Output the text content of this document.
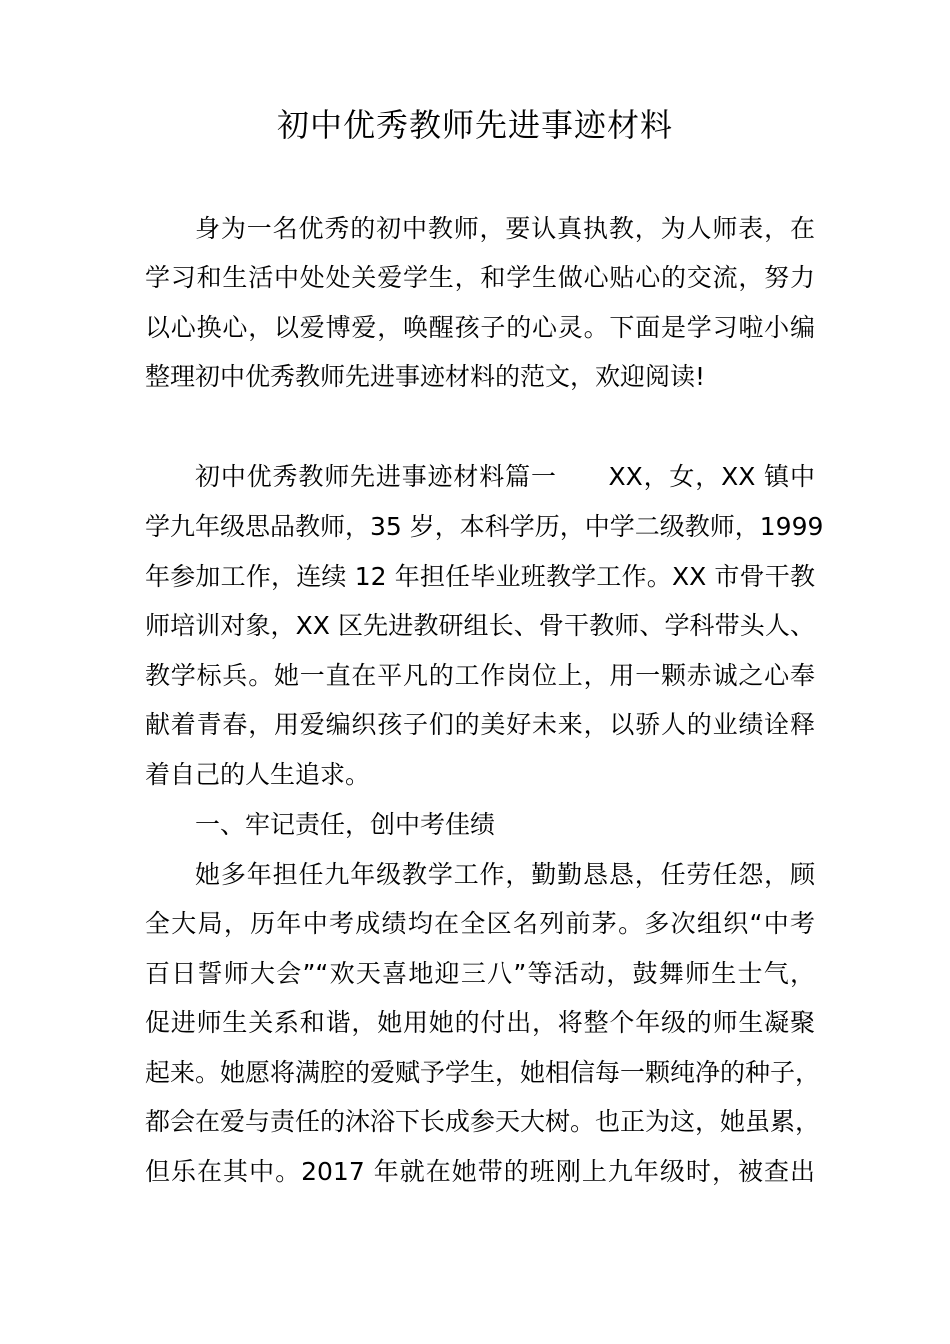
初中优秀教师先进事迹材料

身为一名优秀的初中教师，要认真执教，为人师表，在

学习和生活中处处关爱学生，和学生做心贴心的交流，努力

以心换心，以爱博爱，唤醒孩子的心灵。下面是学习啦小编

整理初中优秀教师先进事迹材料的范文，欢迎阅读!

初中优秀教师先进事迹材料篇一　　XX，女，XX 镇中

学九年级思品教师，35 岁，本科学历，中学二级教师，1999

年参加工作，连续 12 年担任毕业班教学工作。XX 市骨干教

师培训对象，XX 区先进教研组长、骨干教师、学科带头人、

教学标兵。她一直在平凡的工作岗位上，用一颗赤诚之心奉

献着青春，用爱编织孩子们的美好未来，以骄人的业绩诠释

着自己的人生追求。

一、牢记责任，创中考佳绩

她多年担任九年级教学工作，勤勤恳恳，任劳任怨，顾

全大局，历年中考成绩均在全区名列前茅。多次组织“中考

百日誓师大会”“欢天喜地迎三八”等活动，鼓舞师生士气，

促进师生关系和谐，她用她的付出，将整个年级的师生凝聚

起来。她愿将满腔的爱赋予学生，她相信每一颗纯净的种子，

都会在爱与责任的沐浴下长成参天大树。也正为这，她虽累，

但乐在其中。2017 年就在她带的班刚上九年级时，被查出
